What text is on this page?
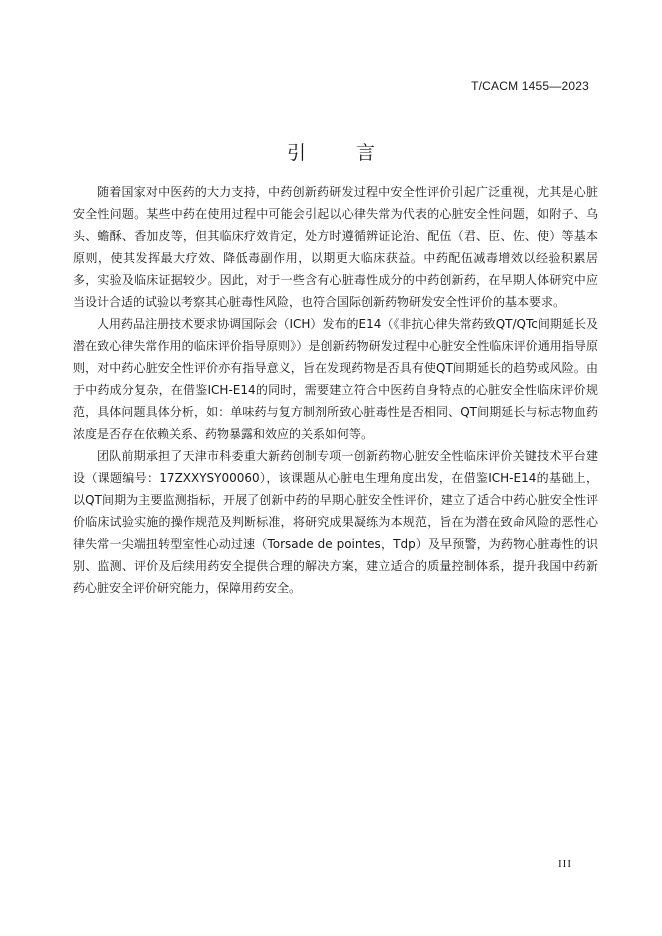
T/CACM 1455—2023
引 言

随着国家对中医药的大力支持，中药创新药研发过程中安全性评价引起广泛重视，尤其是心脏安全性问题。某些中药在使用过程中可能会引起以心律失常为代表的心脏安全性问题，如附子、乌头、蟾酥、香加皮等，但其临床疗效肯定，处方时遵循辨证论治、配伍（君、臣、佐、使）等基本原则，使其发挥最大疗效、降低毒副作用，以期更大临床获益。中药配伍减毒增效以经验积累居多，实验及临床证据较少。因此，对于一些含有心脏毒性成分的中药创新药，在早期人体研究中应当设计合适的试验以考察其心脏毒性风险，也符合国际创新药物研发安全性评价的基本要求。

人用药品注册技术要求协调国际会（ICH）发布的E14（《非抗心律失常药致QT/QTc间期延长及潜在致心律失常作用的临床评价指导原则》）是创新药物研发过程中心脏安全性临床评价通用指导原则，对中药心脏安全性评价亦有指导意义，旨在发现药物是否具有使QT间期延长的趋势或风险。由于中药成分复杂，在借鉴ICH-E14的同时，需要建立符合中医药自身特点的心脏安全性临床评价规范，具体问题具体分析，如：单味药与复方制剂所致心脏毒性是否相同、QT间期延长与标志物血药浓度是否存在依赖关系、药物暴露和效应的关系如何等。

团队前期承担了天津市科委重大新药创制专项一创新药物心脏安全性临床评价关键技术平台建设（课题编号：17ZXXYSY00060），该课题从心脏电生理角度出发，在借鉴ICH-E14的基础上，以QT间期为主要监测指标，开展了创新中药的早期心脏安全性评价，建立了适合中药心脏安全性评价临床试验实施的操作规范及判断标准，将研究成果凝练为本规范，旨在为潜在致命风险的恶性心律失常一尖端扭转型室性心动过速（Torsade de pointes，Tdp）及早预警，为药物心脏毒性的识别、监测、评价及后续用药安全提供合理的解决方案，建立适合的质量控制体系，提升我国中药新药心脏安全评价研究能力，保障用药安全。

III
